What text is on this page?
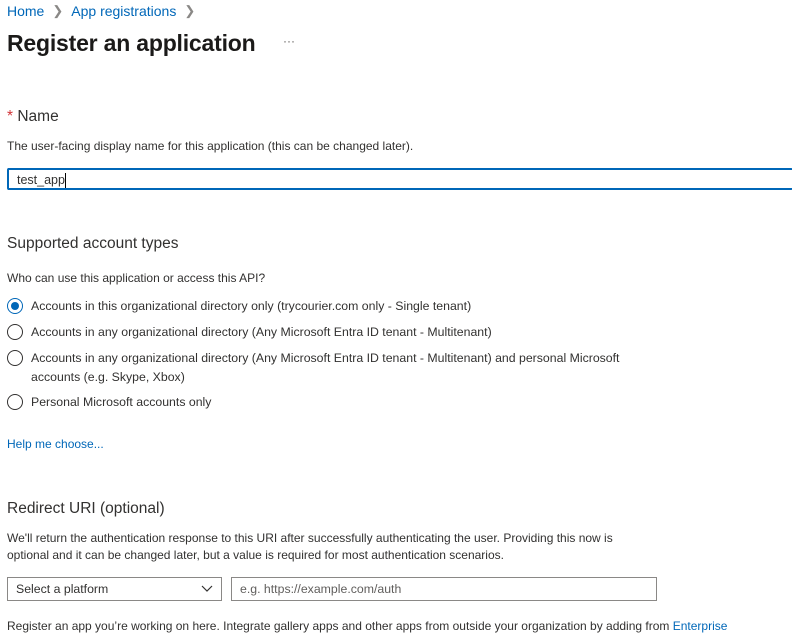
Home ❯ App registrations ❯
Register an application ···
* Name
The user-facing display name for this application (this can be changed later).
test_app
Supported account types
Who can use this application or access this API?
Accounts in this organizational directory only (trycourier.com only - Single tenant)
Accounts in any organizational directory (Any Microsoft Entra ID tenant - Multitenant)
Accounts in any organizational directory (Any Microsoft Entra ID tenant - Multitenant) and personal Microsoft
accounts (e.g. Skype, Xbox)
Personal Microsoft accounts only
Help me choose...
Redirect URI (optional)
We'll return the authentication response to this URI after successfully authenticating the user. Providing this now is
optional and it can be changed later, but a value is required for most authentication scenarios.
Select a platform	e.g. https://example.com/auth
Register an app you’re working on here. Integrate gallery apps and other apps from outside your organization by adding from Enterprise
